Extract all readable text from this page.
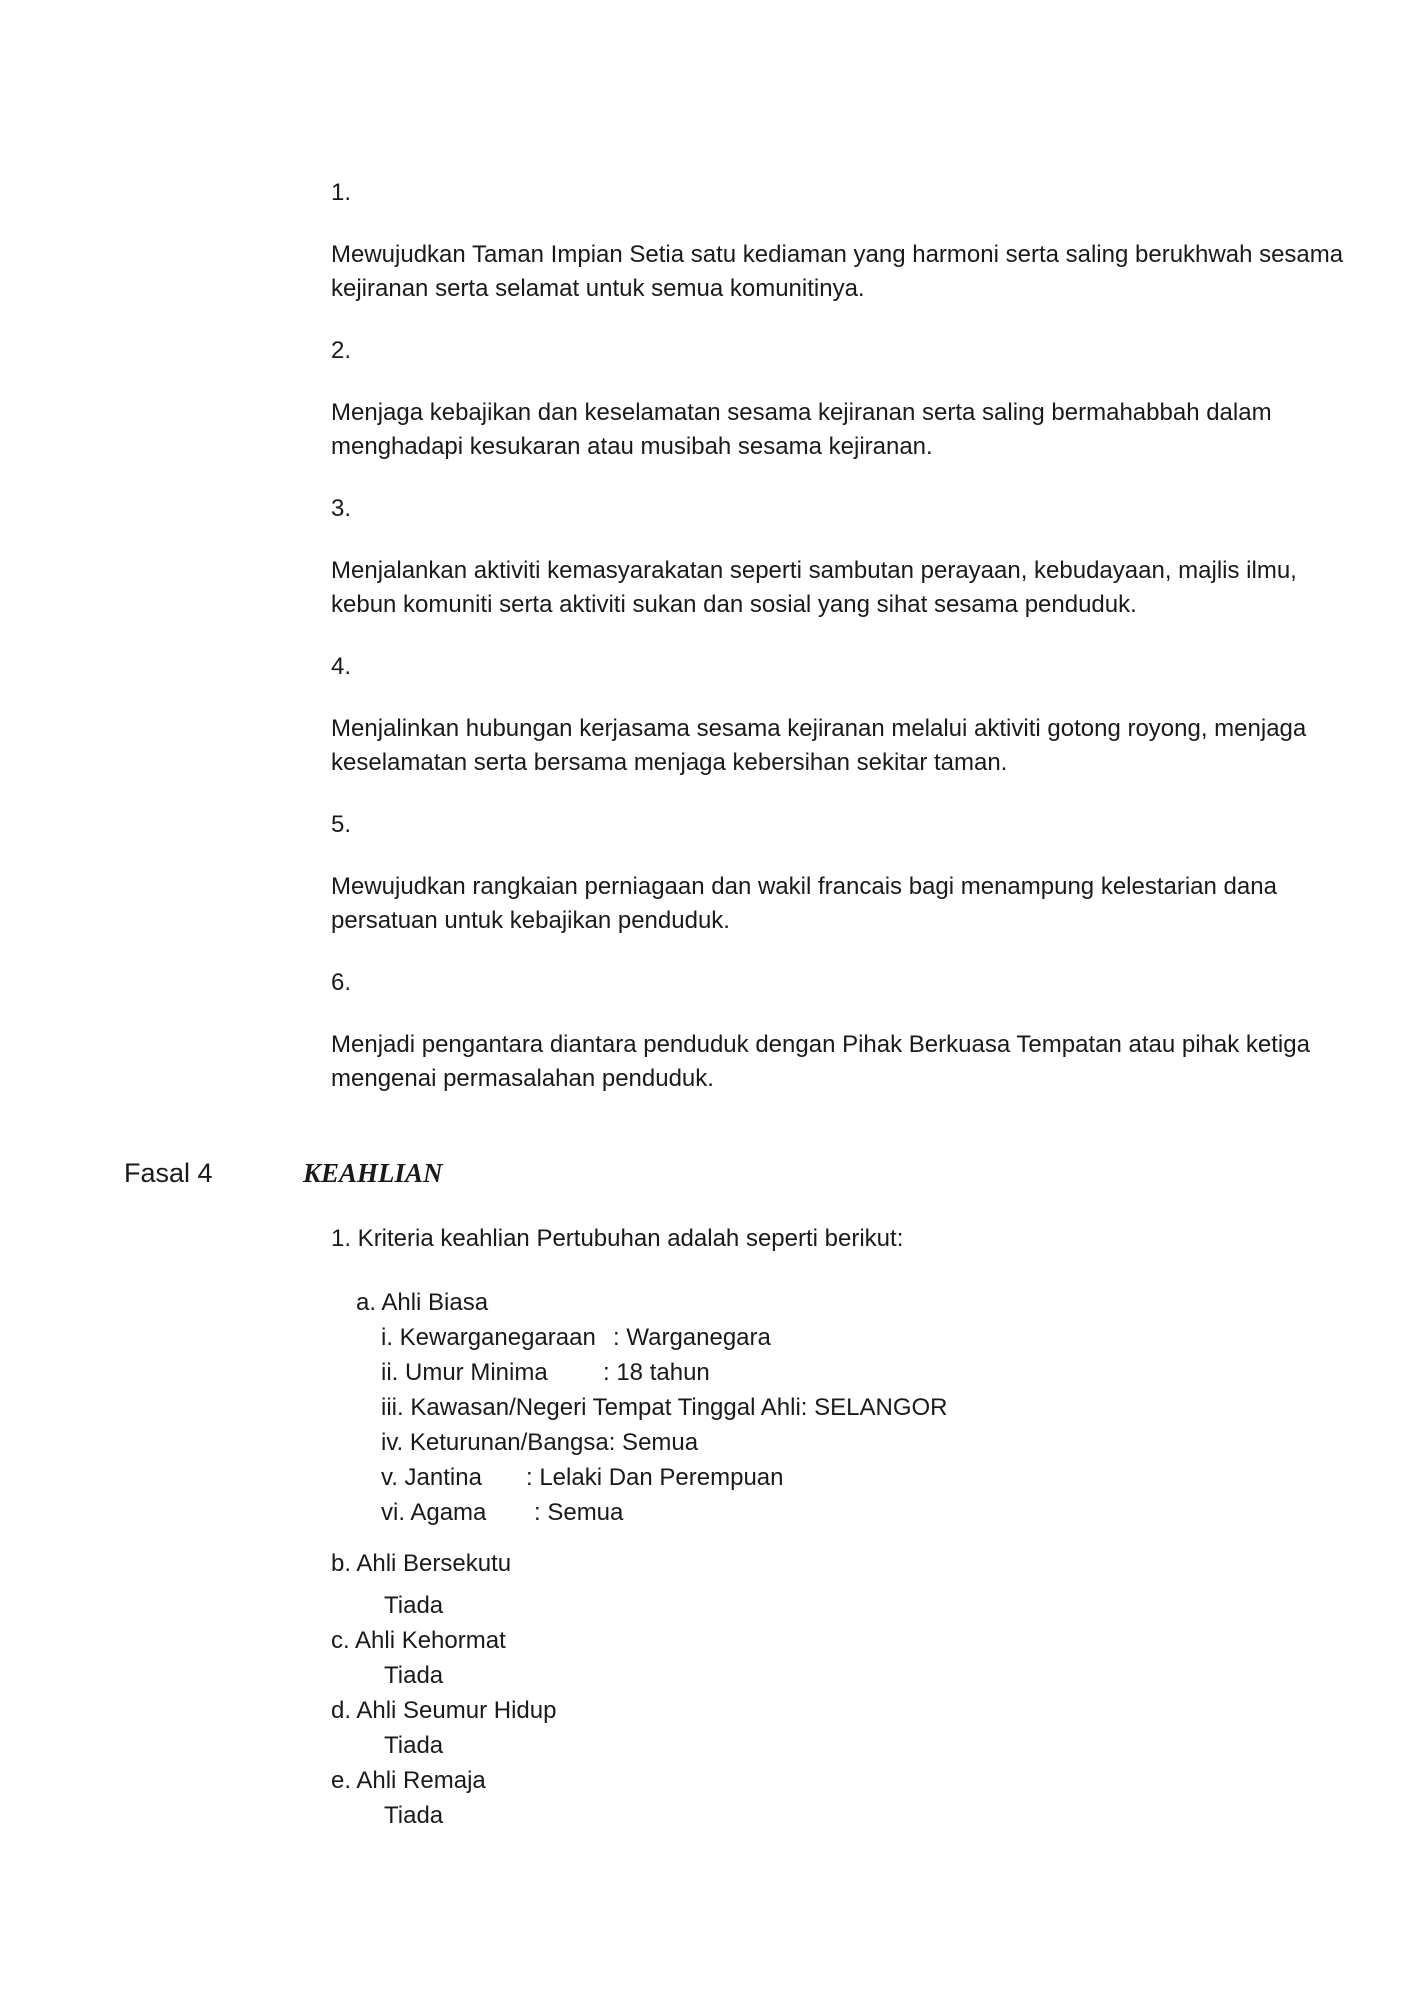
1.
Mewujudkan Taman Impian Setia satu kediaman yang harmoni serta saling berukhwah sesama kejiranan serta selamat untuk semua komunitinya.
2.
Menjaga kebajikan dan keselamatan sesama kejiranan serta saling bermahabbah dalam menghadapi kesukaran atau musibah sesama kejiranan.
3.
Menjalankan aktiviti kemasyarakatan seperti sambutan perayaan, kebudayaan, majlis ilmu, kebun komuniti serta aktiviti sukan dan sosial yang sihat sesama penduduk.
4.
Menjalinkan hubungan kerjasama sesama kejiranan melalui aktiviti gotong royong, menjaga keselamatan serta bersama menjaga kebersihan sekitar taman.
5.
Mewujudkan rangkaian perniagaan dan wakil francais bagi menampung kelestarian dana persatuan untuk kebajikan penduduk.
6.
Menjadi pengantara diantara penduduk dengan Pihak Berkuasa Tempatan atau pihak ketiga mengenai permasalahan penduduk.
Fasal 4	KEAHLIAN
1. Kriteria keahlian Pertubuhan adalah seperti berikut:
a. Ahli Biasa
i. Kewarganegaraan : Warganegara
ii. Umur Minima : 18 tahun
iii. Kawasan/Negeri Tempat Tinggal Ahli: SELANGOR
iv. Keturunan/Bangsa: Semua
v. Jantina : Lelaki Dan Perempuan
vi. Agama : Semua
b. Ahli Bersekutu
Tiada
c. Ahli Kehormat
Tiada
d. Ahli Seumur Hidup
Tiada
e. Ahli Remaja
Tiada
